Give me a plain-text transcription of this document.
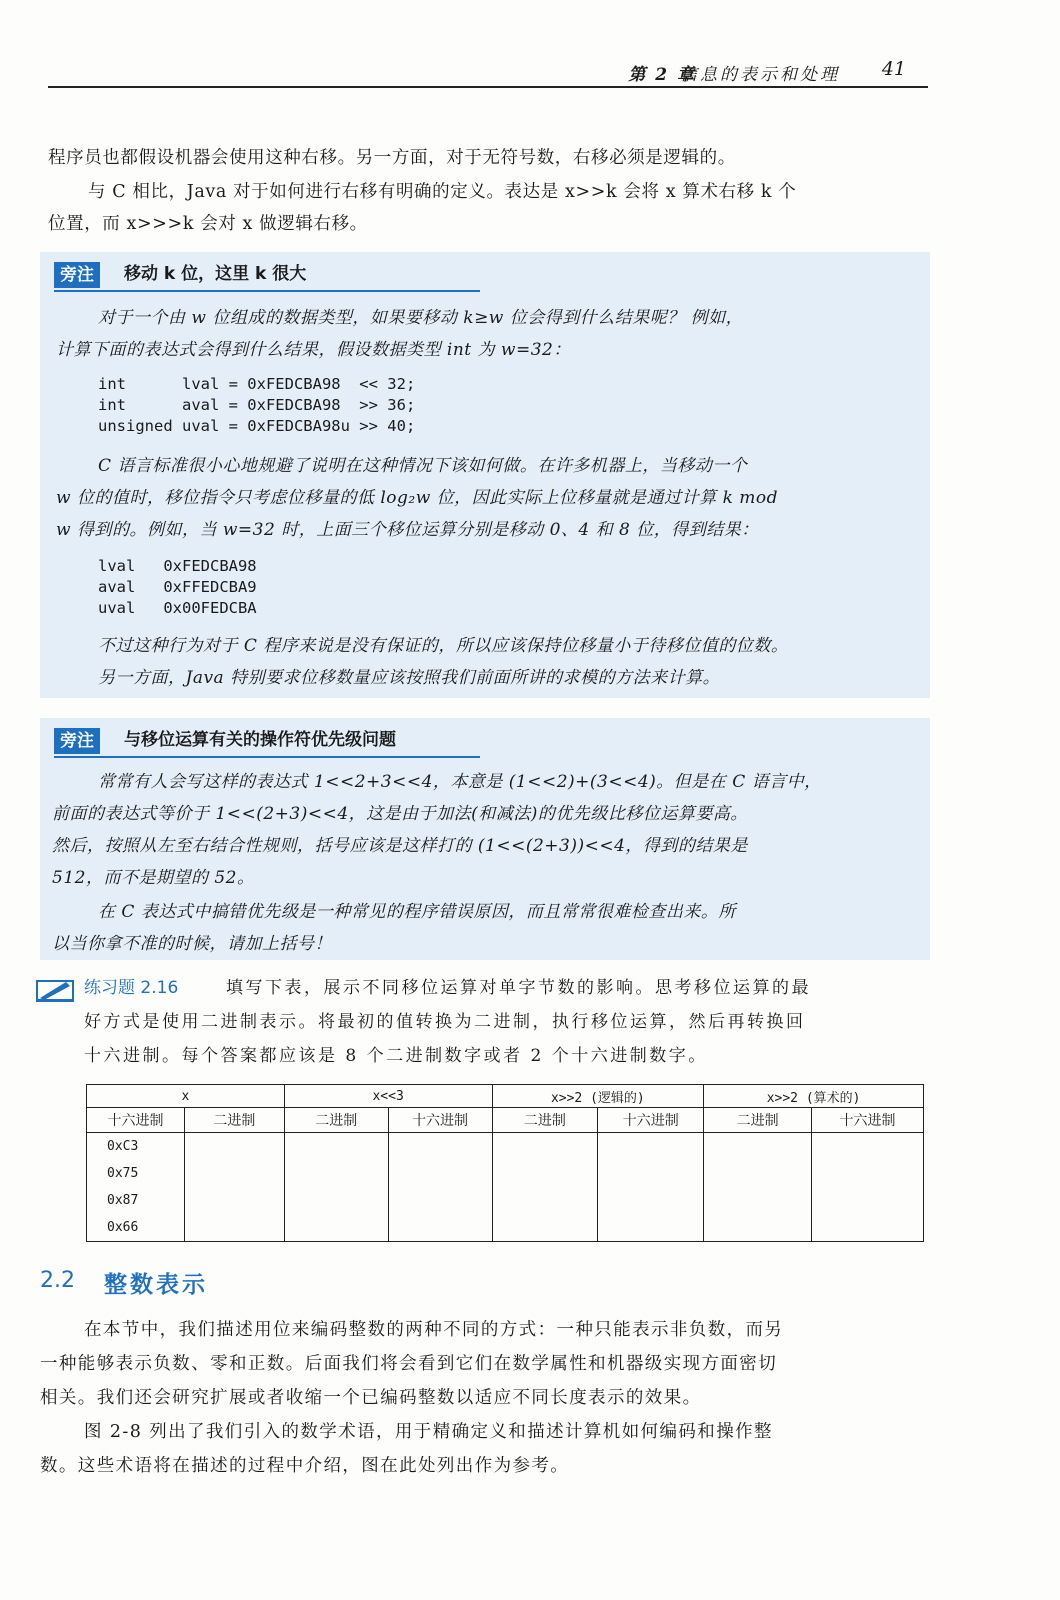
第 2 章
信息的表示和处理 41
程序员也都假设机器会使用这种右移。另一方面，对于无符号数，右移必须是逻辑的。
与 C 相比，Java 对于如何进行右移有明确的定义。表达是 x>>k 会将 x 算术右移 k 个
位置，而 x>>>k 会对 x 做逻辑右移。
旁注	移动 k 位，这里 k 很大
对于一个由 w 位组成的数据类型，如果要移动 k≥w 位会得到什么结果呢？ 例如，
计算下面的表达式会得到什么结果，假设数据类型 int 为 w=32：
int      lval = 0xFEDCBA98  << 32;
int      aval = 0xFEDCBA98  >> 36;
unsigned uval = 0xFEDCBA98u >> 40;
C 语言标准很小心地规避了说明在这种情况下该如何做。在许多机器上，当移动一个
w 位的值时，移位指令只考虑位移量的低 log₂w 位，因此实际上位移量就是通过计算 k mod
w 得到的。例如，当 w=32 时，上面三个移位运算分别是移动 0、4 和 8 位，得到结果：
lval   0xFEDCBA98
aval   0xFFEDCBA9
uval   0x00FEDCBA
不过这种行为对于 C 程序来说是没有保证的，所以应该保持位移量小于待移位值的位数。
另一方面，Java 特别要求位移数量应该按照我们前面所讲的求模的方法来计算。
旁注	与移位运算有关的操作符优先级问题
常常有人会写这样的表达式 1<<2+3<<4，本意是 (1<<2)+(3<<4)。但是在 C 语言中，
前面的表达式等价于 1<<(2+3)<<4，这是由于加法(和减法)的优先级比移位运算要高。
然后，按照从左至右结合性规则，括号应该是这样打的 (1<<(2+3))<<4，得到的结果是
512，而不是期望的 52。
在 C 表达式中搞错优先级是一种常见的程序错误原因，而且常常很难检查出来。所
以当你拿不准的时候，请加上括号！
练习题 2.16	填写下表，展示不同移位运算对单字节数的影响。思考移位运算的最
好方式是使用二进制表示。将最初的值转换为二进制，执行移位运算，然后再转换回
十六进制。每个答案都应该是 8 个二进制数字或者 2 个十六进制数字。
x		x<<3		x>>2 (逻辑的)		x>>2 (算术的)	
十六进制	二进制	二进制	十六进制	二进制	十六进制	二进制	十六进制
0xC3							
0x75							
0x87							
0x66							
2.2 整数表示
在本节中，我们描述用位来编码整数的两种不同的方式：一种只能表示非负数，而另
一种能够表示负数、零和正数。后面我们将会看到它们在数学属性和机器级实现方面密切
相关。我们还会研究扩展或者收缩一个已编码整数以适应不同长度表示的效果。
图 2-8 列出了我们引入的数学术语，用于精确定义和描述计算机如何编码和操作整
数。这些术语将在描述的过程中介绍，图在此处列出作为参考。
